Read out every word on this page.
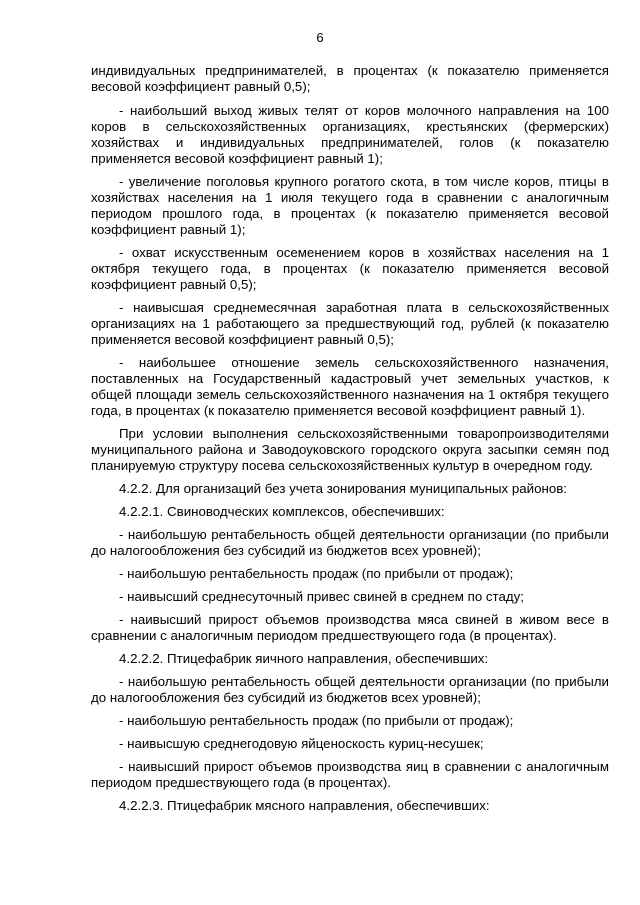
6

индивидуальных предпринимателей, в процентах (к показателю применяется весовой коэффициент равный 0,5);

- наибольший выход живых телят от коров молочного направления на 100 коров в сельскохозяйственных организациях, крестьянских (фермерских) хозяйствах и индивидуальных предпринимателей, голов (к показателю применяется весовой коэффициент равный 1);

- увеличение поголовья крупного рогатого скота, в том числе коров, птицы в хозяйствах населения на 1 июля текущего года в сравнении с аналогичным периодом прошлого года, в процентах (к показателю применяется весовой коэффициент равный 1);

- охват искусственным осеменением коров в хозяйствах населения на 1 октября текущего года, в процентах (к показателю применяется весовой коэффициент равный 0,5);

- наивысшая среднемесячная заработная плата в сельскохозяйственных организациях на 1 работающего за предшествующий год, рублей (к показателю применяется весовой коэффициент равный 0,5);

- наибольшее отношение земель сельскохозяйственного назначения, поставленных на Государственный кадастровый учет земельных участков, к общей площади земель сельскохозяйственного назначения на 1 октября текущего года, в процентах (к показателю применяется весовой коэффициент равный 1).

При условии выполнения сельскохозяйственными товаропроизводителями муниципального района и Заводоуковского городского округа засыпки семян под планируемую структуру посева сельскохозяйственных культур в очередном году.

4.2.2. Для организаций без учета зонирования муниципальных районов:

4.2.2.1. Свиноводческих комплексов, обеспечивших:

- наибольшую рентабельность общей деятельности организации (по прибыли до налогообложения без субсидий из бюджетов всех уровней);

- наибольшую рентабельность продаж (по прибыли от продаж);

- наивысший среднесуточный привес свиней в среднем по стаду;

- наивысший прирост объемов производства мяса свиней в живом весе в сравнении с аналогичным периодом предшествующего года (в процентах).

4.2.2.2. Птицефабрик яичного направления, обеспечивших:

- наибольшую рентабельность общей деятельности организации (по прибыли до налогообложения без субсидий из бюджетов всех уровней);

- наибольшую рентабельность продаж (по прибыли от продаж);

- наивысшую среднегодовую яйценоскость куриц-несушек;

- наивысший прирост объемов производства яиц в сравнении с аналогичным периодом предшествующего года (в процентах).

4.2.2.3. Птицефабрик мясного направления, обеспечивших:
